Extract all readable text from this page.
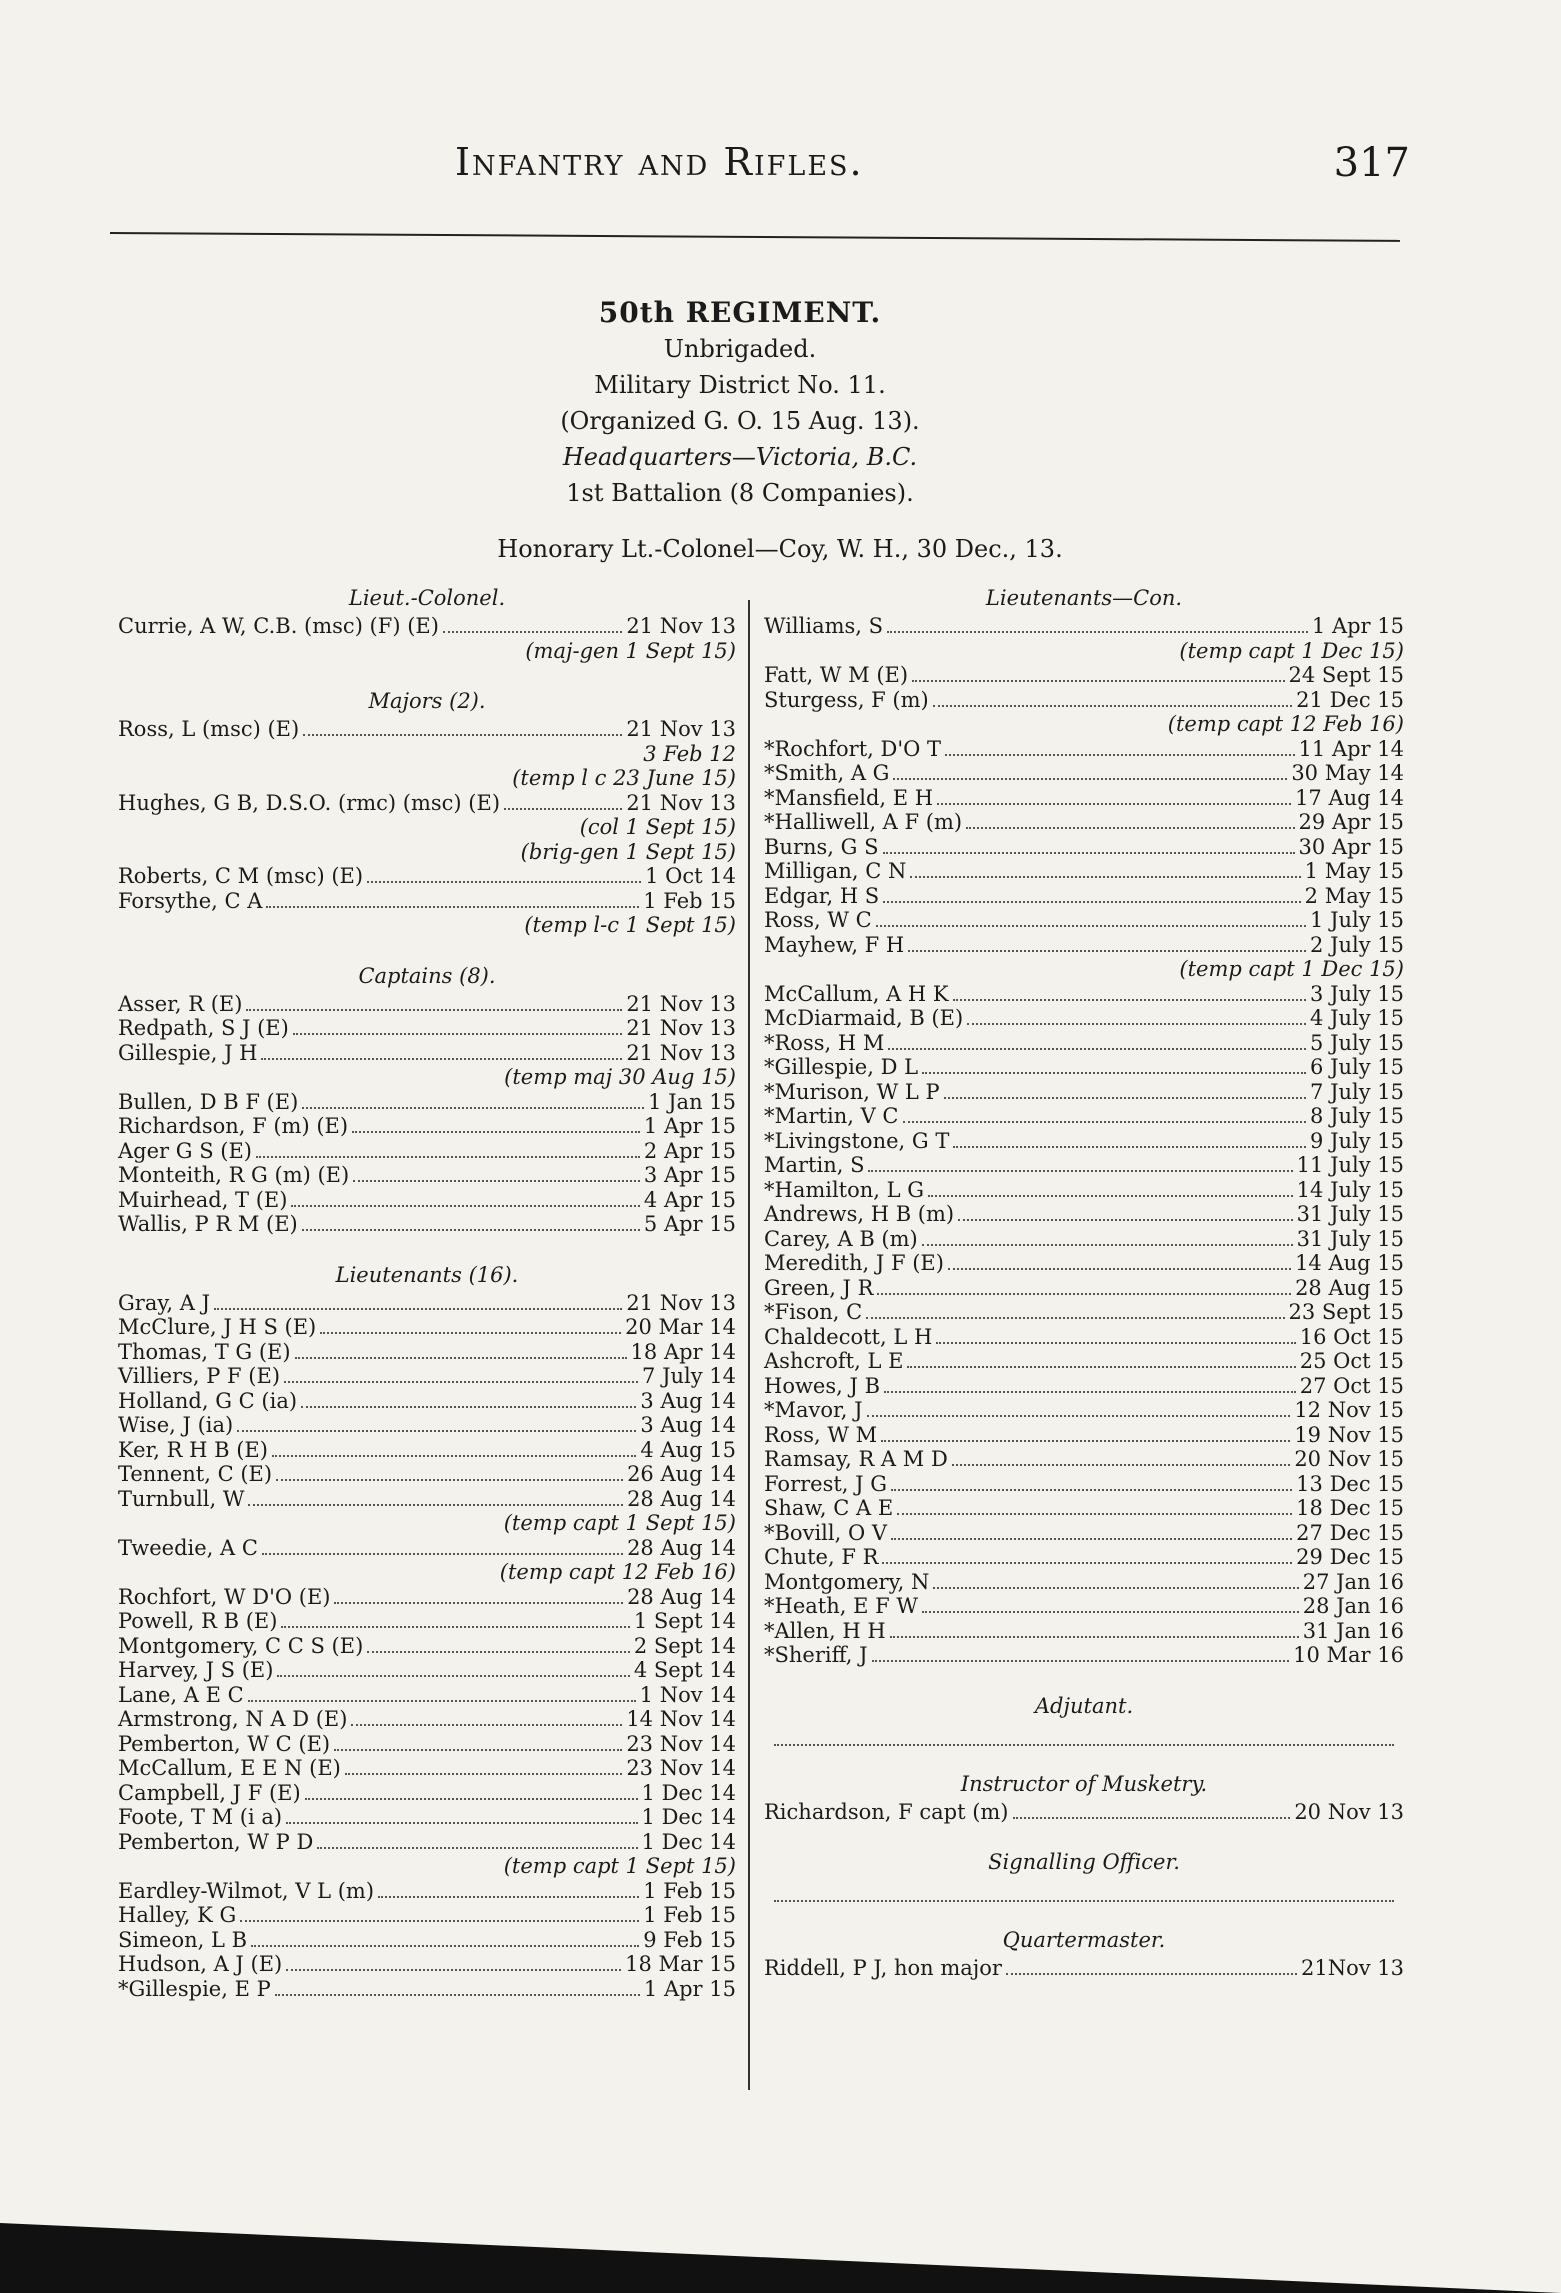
Infantry and Rifles.	317
50th REGIMENT.
Unbrigaded.
Military District No. 11.
(Organized G. O. 15 Aug. 13).
Headquarters—Victoria, B.C.
1st Battalion (8 Companies).
Honorary Lt.-Colonel—Coy, W. H., 30 Dec., 13.
Lieut.-Colonel.
Currie, A W, C.B. (msc) (F) (E)	21 Nov 13
(maj-gen 1 Sept 15)
Majors (2).
Ross, L (msc) (E)	21 Nov 13
3 Feb 12
(temp l c 23 June 15)
Hughes, G B, D.S.O. (rmc) (msc) (E)	21 Nov 13
(col 1 Sept 15)
(brig-gen 1 Sept 15)
Roberts, C M (msc) (E)	1 Oct 14
Forsythe, C A	1 Feb 15
(temp l-c 1 Sept 15)
Captains (8).
Asser, R (E)	21 Nov 13
Redpath, S J (E)	21 Nov 13
Gillespie, J H	21 Nov 13
(temp maj 30 Aug 15)
Bullen, D B F (E)	1 Jan 15
Richardson, F (m) (E)	1 Apr 15
Ager G S (E)	2 Apr 15
Monteith, R G (m) (E)	3 Apr 15
Muirhead, T (E)	4 Apr 15
Wallis, P R M (E)	5 Apr 15
Lieutenants (16).
Gray, A J	21 Nov 13
McClure, J H S (E)	20 Mar 14
Thomas, T G (E)	18 Apr 14
Villiers, P F (E)	7 July 14
Holland, G C (ia)	3 Aug 14
Wise, J (ia)	3 Aug 14
Ker, R H B (E)	4 Aug 15
Tennent, C (E)	26 Aug 14
Turnbull, W	28 Aug 14
(temp capt 1 Sept 15)
Tweedie, A C	28 Aug 14
(temp capt 12 Feb 16)
Rochfort, W D'O (E)	28 Aug 14
Powell, R B (E)	1 Sept 14
Montgomery, C C S (E)	2 Sept 14
Harvey, J S (E)	4 Sept 14
Lane, A E C	1 Nov 14
Armstrong, N A D (E)	14 Nov 14
Pemberton, W C (E)	23 Nov 14
McCallum, E E N (E)	23 Nov 14
Campbell, J F (E)	1 Dec 14
Foote, T M (i a)	1 Dec 14
Pemberton, W P D	1 Dec 14
(temp capt 1 Sept 15)
Eardley-Wilmot, V L (m)	1 Feb 15
Halley, K G	1 Feb 15
Simeon, L B	9 Feb 15
Hudson, A J (E)	18 Mar 15
*Gillespie, E P	1 Apr 15
Lieutenants—Con.
Williams, S	1 Apr 15
(temp capt 1 Dec 15)
Fatt, W M (E)	24 Sept 15
Sturgess, F (m)	21 Dec 15
(temp capt 12 Feb 16)
*Rochfort, D'O T	11 Apr 14
*Smith, A G	30 May 14
*Mansfield, E H	17 Aug 14
*Halliwell, A F (m)	29 Apr 15
Burns, G S	30 Apr 15
Milligan, C N	1 May 15
Edgar, H S	2 May 15
Ross, W C	1 July 15
Mayhew, F H	2 July 15
(temp capt 1 Dec 15)
McCallum, A H K	3 July 15
McDiarmaid, B (E)	4 July 15
*Ross, H M	5 July 15
*Gillespie, D L	6 July 15
*Murison, W L P	7 July 15
*Martin, V C	8 July 15
*Livingstone, G T	9 July 15
Martin, S	11 July 15
*Hamilton, L G	14 July 15
Andrews, H B (m)	31 July 15
Carey, A B (m)	31 July 15
Meredith, J F (E)	14 Aug 15
Green, J R	28 Aug 15
*Fison, C	23 Sept 15
Chaldecott, L H	16 Oct 15
Ashcroft, L E	25 Oct 15
Howes, J B	27 Oct 15
*Mavor, J	12 Nov 15
Ross, W M	19 Nov 15
Ramsay, R A M D	20 Nov 15
Forrest, J G	13 Dec 15
Shaw, C A E	18 Dec 15
*Bovill, O V	27 Dec 15
Chute, F R	29 Dec 15
Montgomery, N	27 Jan 16
*Heath, E F W	28 Jan 16
*Allen, H H	31 Jan 16
*Sheriff, J	10 Mar 16
Adjutant.
Instructor of Musketry.
Richardson, F capt (m)	20 Nov 13
Signalling Officer.
Quartermaster.
Riddell, P J, hon major	21Nov 13
